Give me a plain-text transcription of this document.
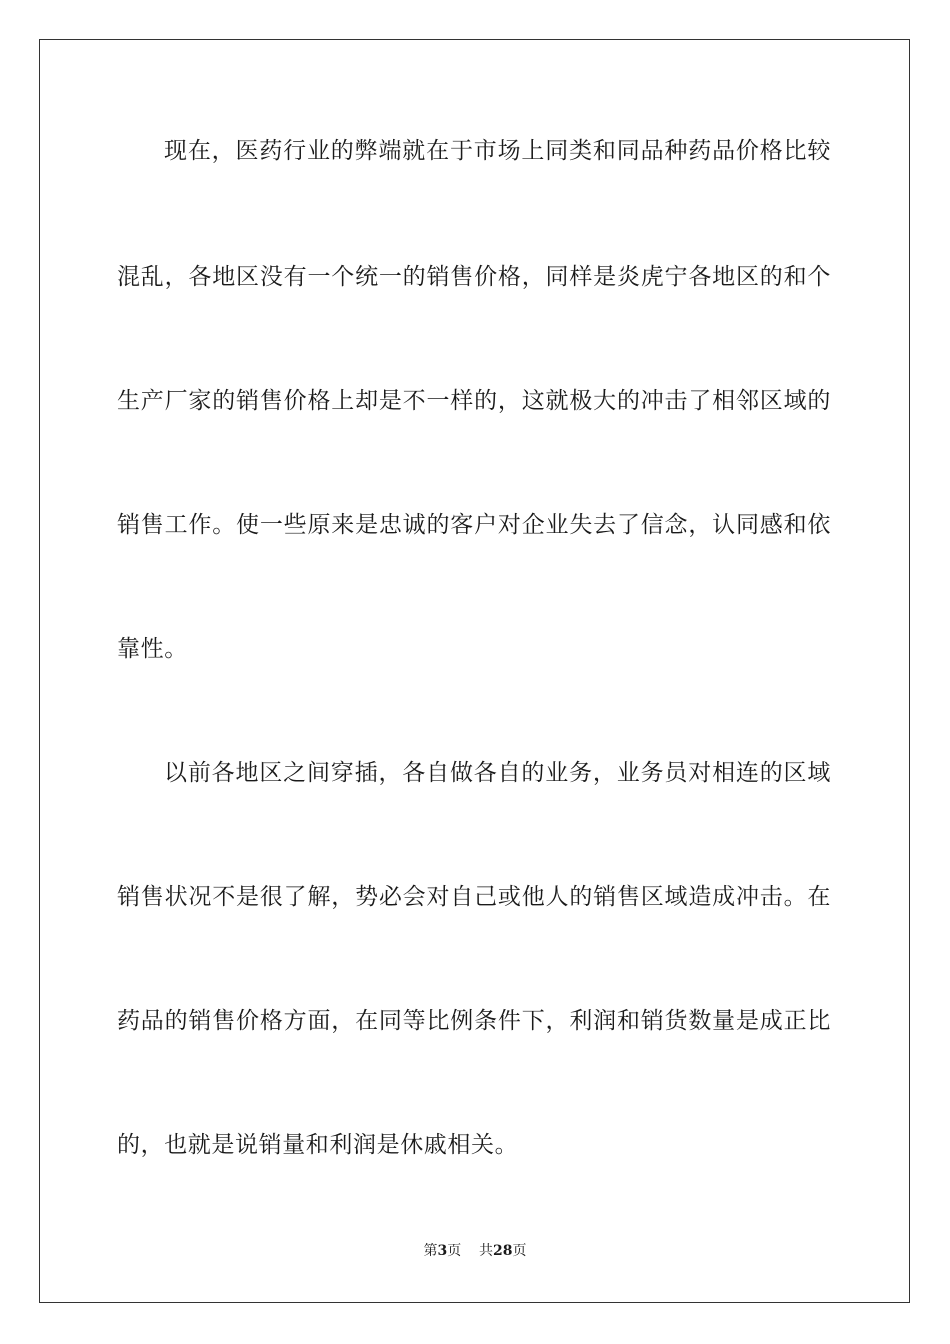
现在，医药行业的弊端就在于市场上同类和同品种药品价格比较
混乱，各地区没有一个统一的销售价格，同样是炎虎宁各地区的和个
生产厂家的销售价格上却是不一样的，这就极大的冲击了相邻区域的
销售工作。使一些原来是忠诚的客户对企业失去了信念，认同感和依
靠性。
以前各地区之间穿插，各自做各自的业务，业务员对相连的区域
销售状况不是很了解，势必会对自己或他人的销售区域造成冲击。在
药品的销售价格方面，在同等比例条件下，利润和销货数量是成正比
的，也就是说销量和利润是休戚相关。
第3页 共28页
